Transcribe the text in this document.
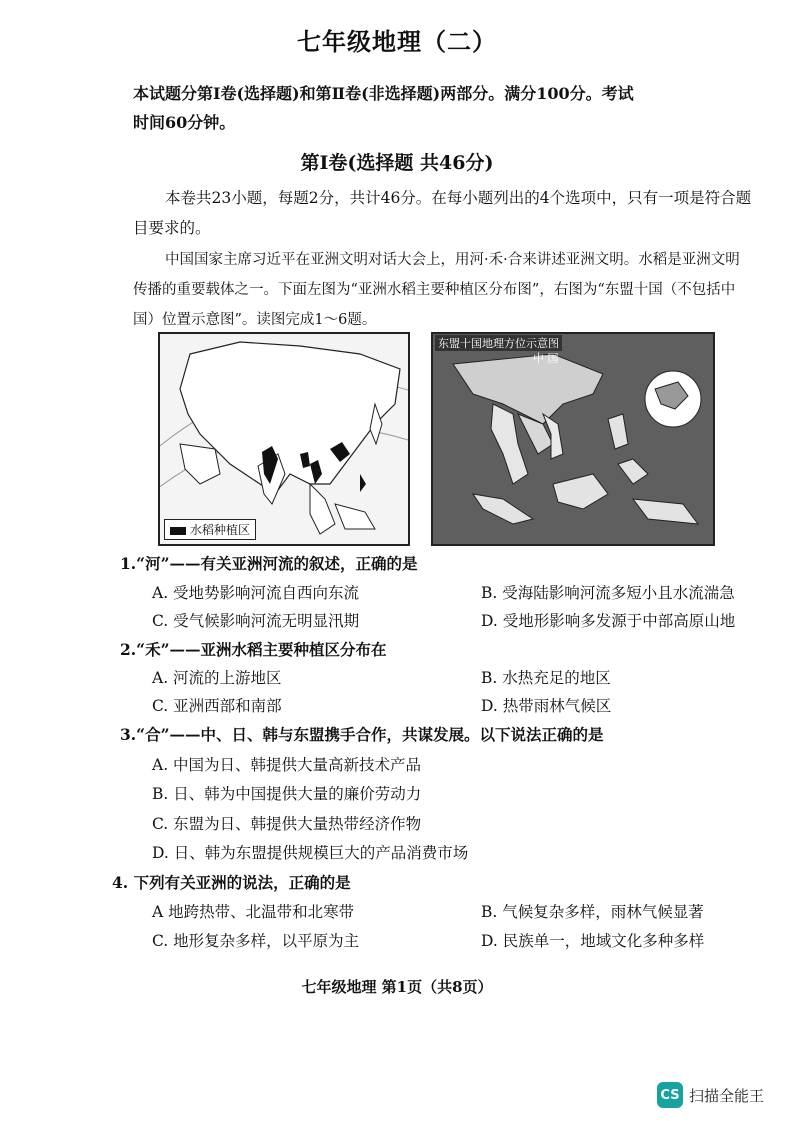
七年级地理（二）
本试题分第Ⅰ卷(选择题)和第Ⅱ卷(非选择题)两部分。满分100分。考试
时间60分钟。
第Ⅰ卷(选择题 共46分)
本卷共23小题，每题2分，共计46分。在每小题列出的4个选项中，只有一项是符合题目要求的。
中国国家主席习近平在亚洲文明对话大会上，用河·禾·合来讲述亚洲文明。水稻是亚洲文明传播的重要载体之一。下面左图为“亚洲水稻主要种植区分布图”，右图为“东盟十国（不包括中国）位置示意图”。读图完成1～6题。
水稻种植区
东盟十国地理方位示意图
中 国
1.“河”——有关亚洲河流的叙述，正确的是
A. 受地势影响河流自西向东流	B. 受海陆影响河流多短小且水流湍急
C. 受气候影响河流无明显汛期	D. 受地形影响多发源于中部高原山地
2.“禾”——亚洲水稻主要种植区分布在
A. 河流的上游地区	B. 水热充足的地区
C. 亚洲西部和南部	D. 热带雨林气候区
3.“合”——中、日、韩与东盟携手合作，共谋发展。以下说法正确的是
A. 中国为日、韩提供大量高新技术产品
B. 日、韩为中国提供大量的廉价劳动力
C. 东盟为日、韩提供大量热带经济作物
D. 日、韩为东盟提供规模巨大的产品消费市场
4. 下列有关亚洲的说法，正确的是
A 地跨热带、北温带和北寒带	B. 气候复杂多样，雨林气候显著
C. 地形复杂多样，以平原为主	D. 民族单一，地域文化多种多样
七年级地理 第1页（共8页）
CS 扫描全能王
